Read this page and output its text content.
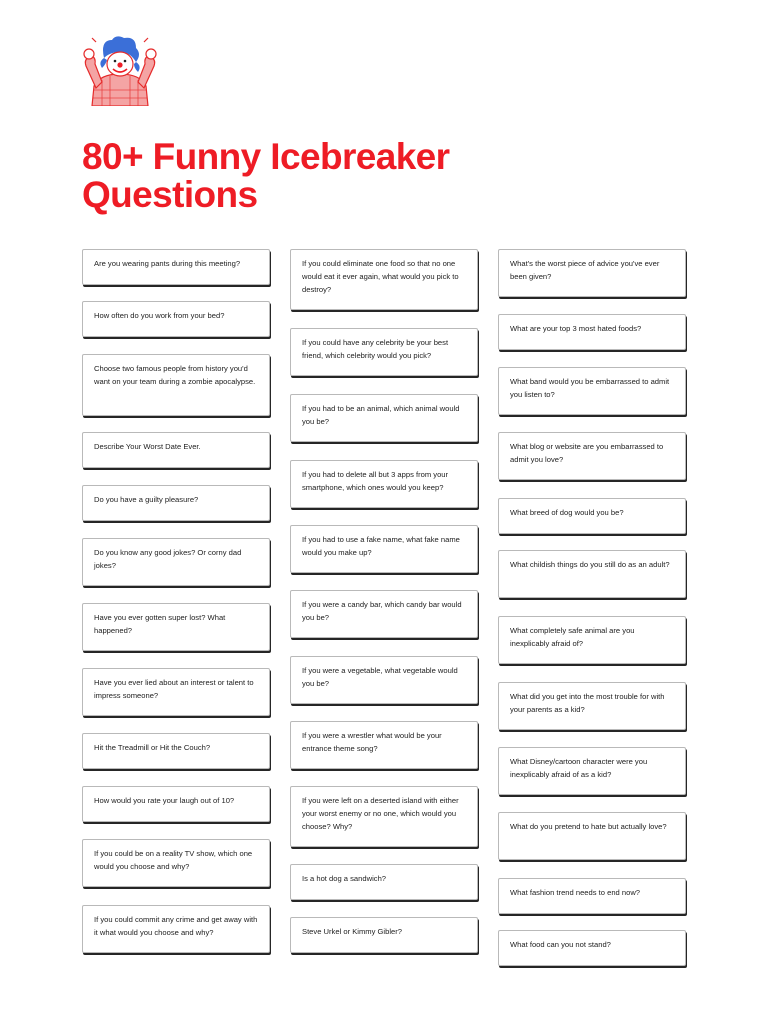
80+ Funny Icebreaker
Questions
Are you wearing pants during this meeting?
How often do you work from your bed?
Choose two famous people from history you'd want on your team during a zombie apocalypse.
Describe Your Worst Date Ever.
Do you have a guilty pleasure?
Do you know any good jokes? Or corny dad jokes?
Have you ever gotten super lost? What happened?
Have you ever lied about an interest or talent to impress someone?
Hit the Treadmill or Hit the Couch?
How would you rate your laugh out of 10?
If you could be on a reality TV show, which one would you choose and why?
If you could commit any crime and get away with it what would you choose and why?
If you could eliminate one food so that no one would eat it ever again, what would you pick to destroy?
If you could have any celebrity be your best friend, which celebrity would you pick?
If you had to be an animal, which animal would you be?
If you had to delete all but 3 apps from your smartphone, which ones would you keep?
If you had to use a fake name, what fake name would you make up?
If you were a candy bar, which candy bar would you be?
If you were a vegetable, what vegetable would you be?
If you were a wrestler what would be your entrance theme song?
If you were left on a deserted island with either your worst enemy or no one, which would you choose? Why?
Is a hot dog a sandwich?
Steve Urkel or Kimmy Gibler?
What's the worst piece of advice you've ever been given?
What are your top 3 most hated foods?
What band would you be embarrassed to admit you listen to?
What blog or website are you embarrassed to admit you love?
What breed of dog would you be?
What childish things do you still do as an adult?
What completely safe animal are you inexplicably afraid of?
What did you get into the most trouble for with your parents as a kid?
What Disney/cartoon character were you inexplicably afraid of as a kid?
What do you pretend to hate but actually love?
What fashion trend needs to end now?
What food can you not stand?
